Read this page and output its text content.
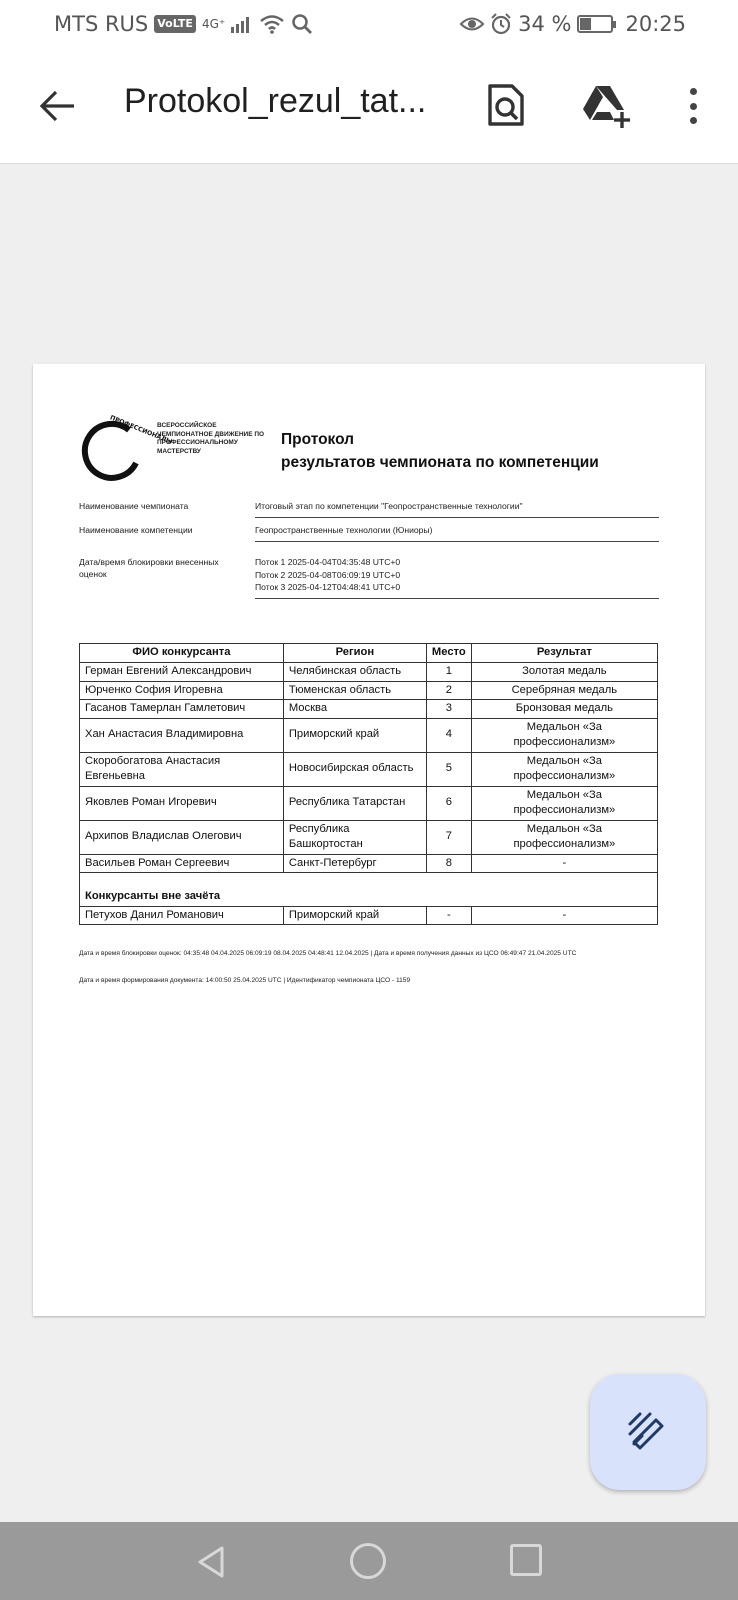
MTS RUS VoLTE 4G⁺	34 %	20:25
Protokol_rezul_tat...
ПРОФЕССИОНАЛЫ
ВСЕРОССИЙСКОЕ ЧЕМПИОНАТНОЕ ДВИЖЕНИЕ ПО ПРОФЕССИОНАЛЬНОМУ МАСТЕРСТВУ
Протокол
результатов чемпионата по компетенции
Наименование чемпионата	Итоговый этап по компетенции "Геопространственные технологии"
Наименование компетенции	Геопространственные технологии (Юниоры)
Дата/время блокировки внесенных оценок
Поток 1 2025-04-04T04:35:48 UTC+0
Поток 2 2025-04-08T06:09:19 UTC+0
Поток 3 2025-04-12T04:48:41 UTC+0
ФИО конкурсанта	Регион	Место	Результат
Герман Евгений Александрович	Челябинская область	1	Золотая медаль
Юрченко София Игоревна	Тюменская область	2	Серебряная медаль
Гасанов Тамерлан Гамлетович	Москва	3	Бронзовая медаль
Хан Анастасия Владимировна	Приморский край	4	Медальон «За профессионализм»
Скоробогатова Анастасия Евгеньевна	Новосибирская область	5	Медальон «За профессионализм»
Яковлев Роман Игоревич	Республика Татарстан	6	Медальон «За профессионализм»
Архипов Владислав Олегович	Республика Башкортостан	7	Медальон «За профессионализм»
Васильев Роман Сергеевич	Санкт-Петербург	8	-
Конкурсанты вне зачёта			
Петухов Данил Романович	Приморский край	-	-
Дата и время блокировки оценок: 04:35:48 04.04.2025 06:09:19 08.04.2025 04:48:41 12.04.2025 | Дата и время получения данных из ЦСО 06:49:47 21.04.2025 UTC
Дата и время формирования документа: 14:00:50 25.04.2025 UTC | Идентификатор чемпионата ЦСО - 1159
